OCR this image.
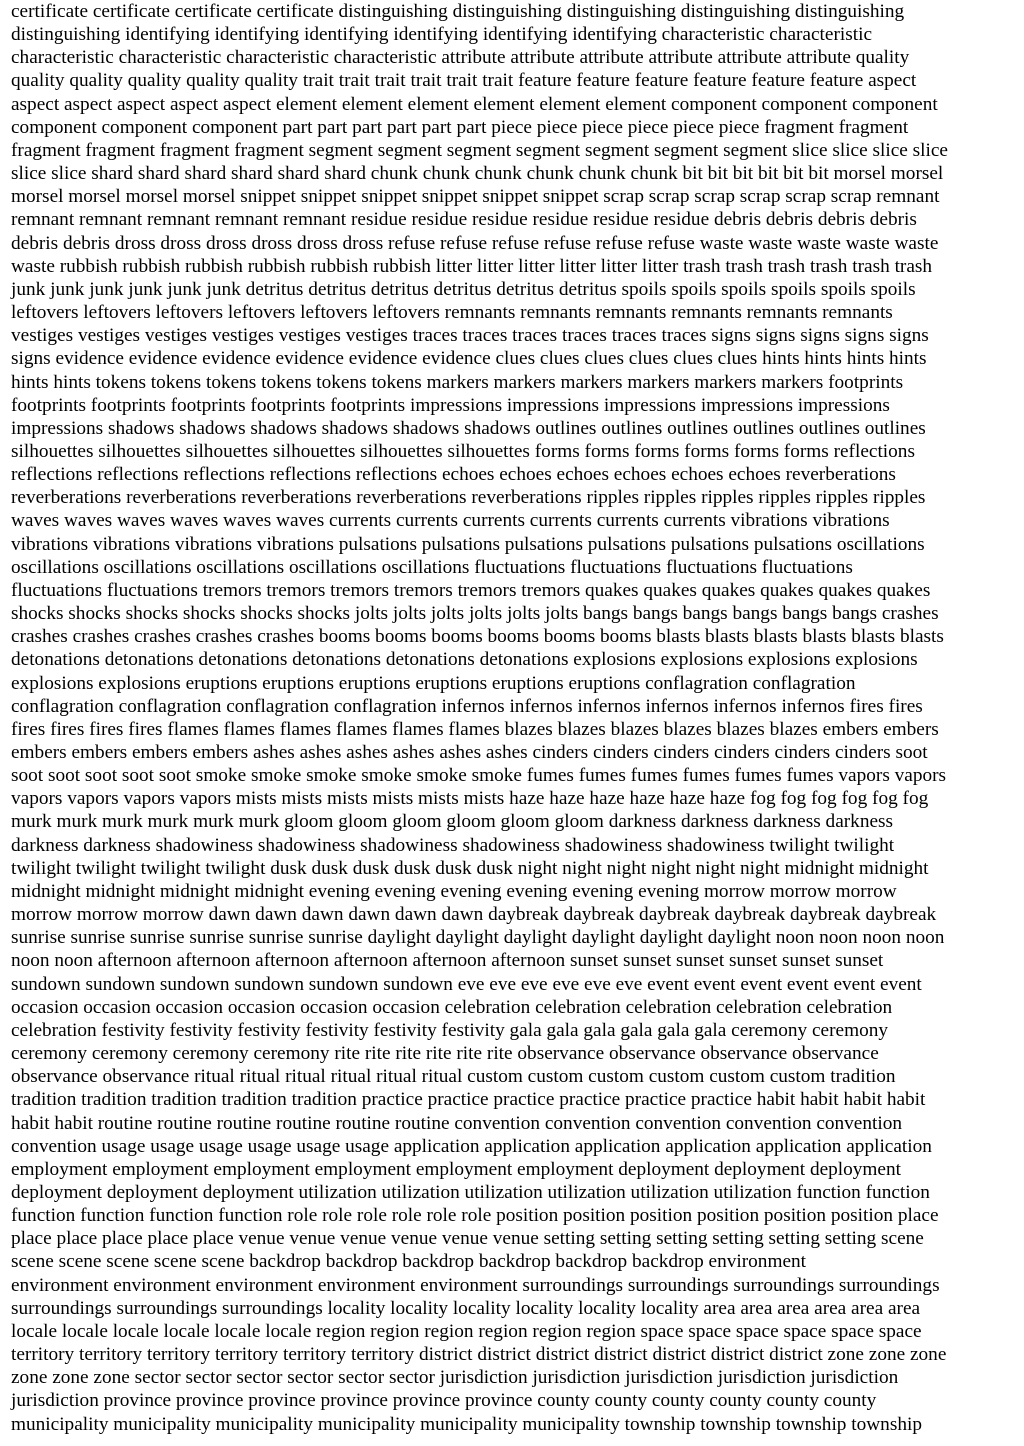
certificate certificate certificate certificate distinguishing distinguishing distinguishing distinguishing distinguishing
distinguishing identifying identifying identifying identifying identifying identifying characteristic characteristic
characteristic characteristic characteristic characteristic attribute attribute attribute attribute attribute attribute quality
quality quality quality quality quality trait trait trait trait trait trait feature feature feature feature feature feature aspect
aspect aspect aspect aspect aspect element element element element element element component component component
component component component part part part part part part piece piece piece piece piece piece fragment fragment
fragment fragment fragment fragment segment segment segment segment segment segment segment slice slice slice slice
slice slice shard shard shard shard shard shard chunk chunk chunk chunk chunk chunk bit bit bit bit bit bit morsel morsel
morsel morsel morsel morsel snippet snippet snippet snippet snippet snippet scrap scrap scrap scrap scrap scrap remnant
remnant remnant remnant remnant remnant residue residue residue residue residue residue debris debris debris debris
debris debris dross dross dross dross dross dross refuse refuse refuse refuse refuse refuse waste waste waste waste waste
waste rubbish rubbish rubbish rubbish rubbish rubbish litter litter litter litter litter litter trash trash trash trash trash trash
junk junk junk junk junk junk detritus detritus detritus detritus detritus detritus spoils spoils spoils spoils spoils spoils
leftovers leftovers leftovers leftovers leftovers leftovers remnants remnants remnants remnants remnants remnants
vestiges vestiges vestiges vestiges vestiges vestiges traces traces traces traces traces traces signs signs signs signs signs
signs evidence evidence evidence evidence evidence evidence clues clues clues clues clues clues hints hints hints hints
hints hints tokens tokens tokens tokens tokens tokens markers markers markers markers markers markers footprints
footprints footprints footprints footprints footprints impressions impressions impressions impressions impressions
impressions shadows shadows shadows shadows shadows shadows outlines outlines outlines outlines outlines outlines
silhouettes silhouettes silhouettes silhouettes silhouettes silhouettes forms forms forms forms forms forms reflections
reflections reflections reflections reflections reflections echoes echoes echoes echoes echoes echoes reverberations
reverberations reverberations reverberations reverberations reverberations ripples ripples ripples ripples ripples ripples
waves waves waves waves waves waves currents currents currents currents currents currents vibrations vibrations
vibrations vibrations vibrations vibrations pulsations pulsations pulsations pulsations pulsations pulsations oscillations
oscillations oscillations oscillations oscillations oscillations fluctuations fluctuations fluctuations fluctuations
fluctuations fluctuations tremors tremors tremors tremors tremors tremors quakes quakes quakes quakes quakes quakes
shocks shocks shocks shocks shocks shocks jolts jolts jolts jolts jolts jolts bangs bangs bangs bangs bangs bangs crashes
crashes crashes crashes crashes crashes booms booms booms booms booms booms blasts blasts blasts blasts blasts blasts
detonations detonations detonations detonations detonations detonations explosions explosions explosions explosions
explosions explosions eruptions eruptions eruptions eruptions eruptions eruptions conflagration conflagration
conflagration conflagration conflagration conflagration infernos infernos infernos infernos infernos infernos fires fires
fires fires fires fires flames flames flames flames flames flames blazes blazes blazes blazes blazes blazes embers embers
embers embers embers embers ashes ashes ashes ashes ashes ashes cinders cinders cinders cinders cinders cinders soot
soot soot soot soot soot smoke smoke smoke smoke smoke smoke fumes fumes fumes fumes fumes fumes vapors vapors
vapors vapors vapors vapors mists mists mists mists mists mists haze haze haze haze haze haze fog fog fog fog fog fog
murk murk murk murk murk murk gloom gloom gloom gloom gloom gloom darkness darkness darkness darkness
darkness darkness shadowiness shadowiness shadowiness shadowiness shadowiness shadowiness twilight twilight
twilight twilight twilight twilight dusk dusk dusk dusk dusk dusk night night night night night night midnight midnight
midnight midnight midnight midnight evening evening evening evening evening evening morrow morrow morrow
morrow morrow morrow dawn dawn dawn dawn dawn dawn daybreak daybreak daybreak daybreak daybreak daybreak
sunrise sunrise sunrise sunrise sunrise sunrise daylight daylight daylight daylight daylight daylight noon noon noon noon
noon noon afternoon afternoon afternoon afternoon afternoon afternoon sunset sunset sunset sunset sunset sunset
sundown sundown sundown sundown sundown sundown eve eve eve eve eve eve event event event event event event
occasion occasion occasion occasion occasion occasion celebration celebration celebration celebration celebration
celebration festivity festivity festivity festivity festivity festivity gala gala gala gala gala gala ceremony ceremony
ceremony ceremony ceremony ceremony rite rite rite rite rite rite observance observance observance observance
observance observance ritual ritual ritual ritual ritual ritual custom custom custom custom custom custom tradition
tradition tradition tradition tradition tradition practice practice practice practice practice practice habit habit habit habit
habit habit routine routine routine routine routine routine convention convention convention convention convention
convention usage usage usage usage usage usage application application application application application application
employment employment employment employment employment employment deployment deployment deployment
deployment deployment deployment utilization utilization utilization utilization utilization utilization function function
function function function function role role role role role role position position position position position position place
place place place place place venue venue venue venue venue venue setting setting setting setting setting setting scene
scene scene scene scene scene backdrop backdrop backdrop backdrop backdrop backdrop environment
environment environment environment environment environment surroundings surroundings surroundings surroundings
surroundings surroundings surroundings locality locality locality locality locality locality area area area area area area
locale locale locale locale locale locale region region region region region region space space space space space space
territory territory territory territory territory territory district district district district district district district zone zone zone
zone zone zone sector sector sector sector sector sector jurisdiction jurisdiction jurisdiction jurisdiction jurisdiction
jurisdiction province province province province province province county county county county county county
municipality municipality municipality municipality municipality municipality township township township township
